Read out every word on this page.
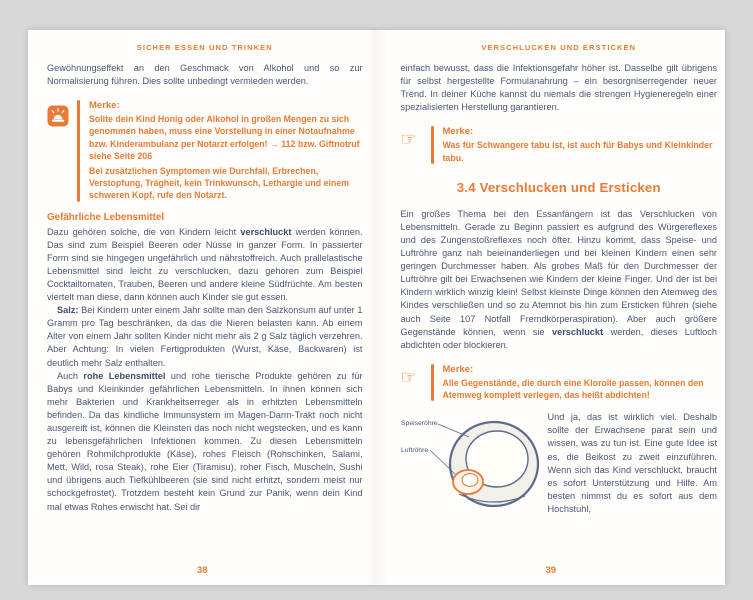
SICHER ESSEN UND TRINKEN

Gewöhnungseffekt an den Geschmack von Alkohol und so zur Normalisierung führen. Dies sollte unbedingt vermieden werden.

Merke:

Sollte dein Kind Honig oder Alkohol in großen Mengen zu sich genommen haben, muss eine Vorstellung in einer Notaufnahme bzw. Kinderambulanz per Notarzt erfolgen! → 112 bzw. Giftnotruf siehe Seite 206

Bei zusätzlichen Symptomen wie Durchfall, Erbrechen, Verstopfung, Trägheit, kein Trinkwunsch, Lethargie und einem schweren Kopf, rufe den Notarzt.

Gefährliche Lebensmittel

Dazu gehören solche, die von Kindern leicht verschluckt werden können. Das sind zum Beispiel Beeren oder Nüsse in ganzer Form. In passierter Form sind sie hingegen ungefährlich und nährstoffreich. Auch prallelastische Lebensmittel sind leicht zu verschlucken, dazu gehören zum Beispiel Cocktailtomaten, Trauben, Beeren und andere kleine Südfrüchte. Am besten viertelt man diese, dann können auch Kinder sie gut essen.

Salz: Bei Kindern unter einem Jahr sollte man den Salzkonsum auf unter 1 Gramm pro Tag beschränken, da das die Nieren belasten kann. Ab einem Alter von einem Jahr sollten Kinder nicht mehr als 2 g Salz täglich verzehren. Aber Achtung: In vielen Fertigprodukten (Wurst, Käse, Backwaren) ist deutlich mehr Salz enthalten.

Auch rohe Lebensmittel und rohe tierische Produkte gehören zu für Babys und Kleinkinder gefährlichen Lebensmitteln. In ihnen können sich mehr Bakterien und Krankheitserreger als in erhitzten Lebensmitteln befinden. Da das kindliche Immunsystem im Magen-Darm-Trakt noch nicht ausgereift ist, können die Kleinsten das noch nicht wegstecken, und es kann zu lebensgefährlichen Infektionen kommen. Zu diesen Lebensmitteln gehören Rohmilchprodukte (Käse), rohes Fleisch (Rohschinken, Salami, Mett, Wild, rosa Steak), rohe Eier (Tiramisu), roher Fisch, Muscheln, Sushi und übrigens auch Tiefkühlbeeren (sie sind nicht erhitzt, sondern meist nur schockgefrostet). Trotzdem besteht kein Grund zur Panik, wenn dein Kind mal etwas Rohes erwischt hat. Sei dir

38
VERSCHLUCKEN UND ERSTICKEN

einfach bewusst, dass die Infektionsgefahr höher ist. Dasselbe gilt übrigens für selbst hergestellte Formulanahrung – ein besorgniserregender neuer Trend. In deiner Küche kannst du niemals die strengen Hygieneregeln einer spezialisierten Herstellung garantieren.

☞	Merke:

Was für Schwangere tabu ist, ist auch für Babys und Kleinkinder tabu.

3.4 Verschlucken und Ersticken

Ein großes Thema bei den Essanfängern ist das Verschlucken von Lebensmitteln. Gerade zu Beginn passiert es aufgrund des Würgereflexes und des Zungenstoßreflexes noch öfter. Hinzu kommt, dass Speise- und Luftröhre ganz nah beieinanderliegen und bei kleinen Kindern einen sehr geringen Durchmesser haben. Als grobes Maß für den Durchmesser der Luftröhre gilt bei Erwachsenen wie Kindern der kleine Finger. Und der ist bei Kindern wirklich winzig klein! Selbst kleinste Dinge können den Atemweg des Kindes verschließen und so zu Atemnot bis hin zum Ersticken führen (siehe auch Seite 107 Notfall Fremdkörperaspiration). Aber auch größere Gegenstände können, wenn sie verschluckt werden, dieses Luftloch abdichten oder blockieren.

☞	Merke:

Alle Gegenstände, die durch eine Klorolle passen, können den Atemweg komplett verlegen, das heißt abdichten!

Speiseröhre
Luftröhre

Und ja, das ist wirklich viel. Deshalb sollte der Erwachsene parat sein und wissen, was zu tun ist. Eine gute Idee ist es, die Beikost zu zweit einzuführen. Wenn sich das Kind verschluckt, braucht es sofort Unterstützung und Hilfe. Am besten nimmst du es sofort aus dem Hochstuhl,

39
